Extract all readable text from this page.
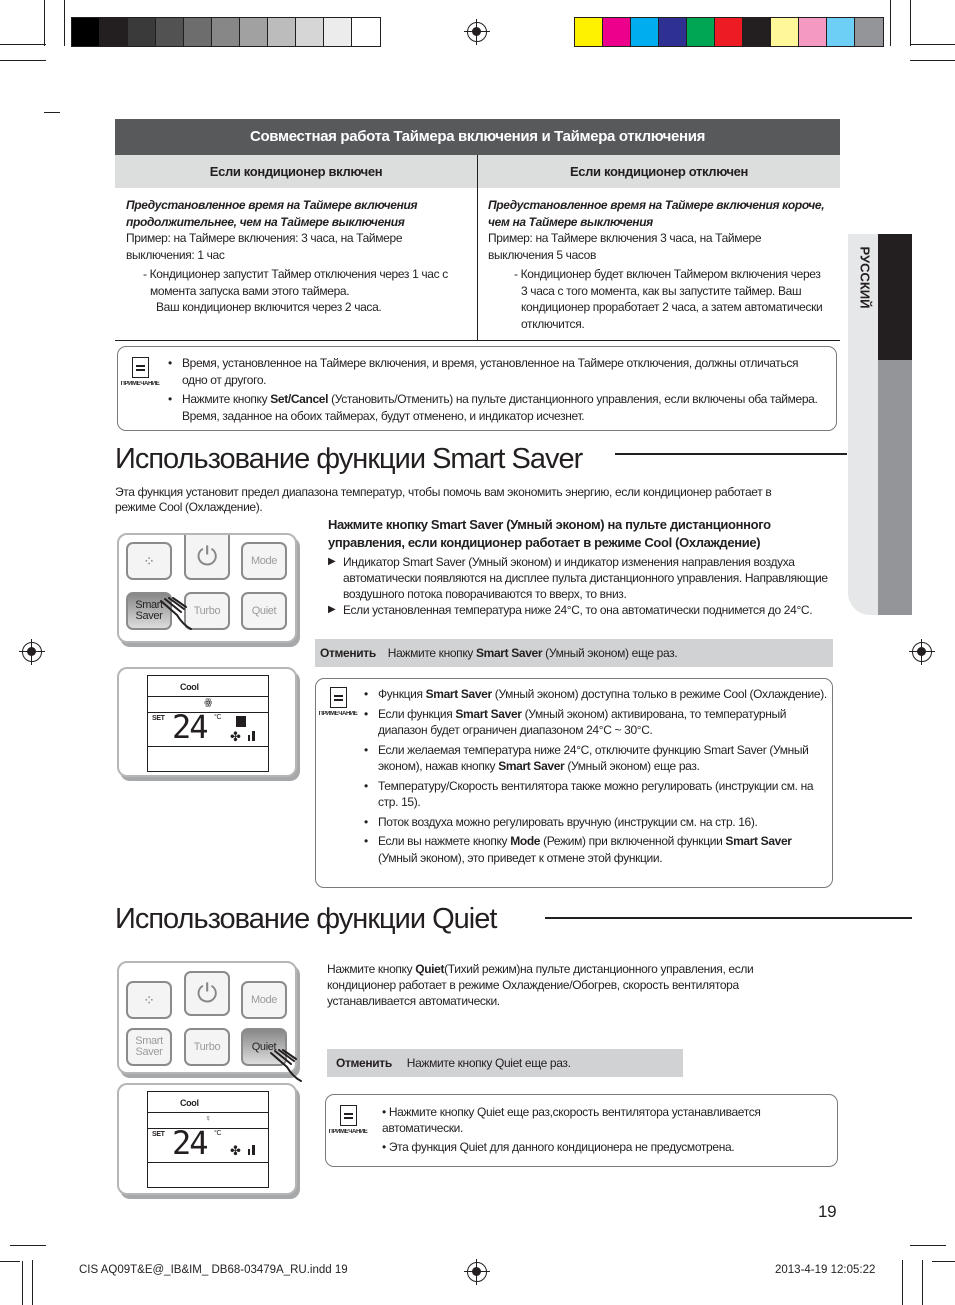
РУССКИЙ
Совместная работа Таймера включения и Таймера отключения
Если кондиционер включен	Если кондиционер отключен
Предустановленное время на Таймере включения продолжительнее, чем на Таймере выключения
Пример: на Таймере включения: 3 часа, на Таймере выключения: 1 час
- Кондиционер запустит Таймер отключения через 1 час с момента запуска вами этого таймера.
Ваш кондиционер включится через 2 часа.
Предустановленное время на Таймере включения короче, чем на Таймере выключения
Пример: на Таймере включения 3 часа, на Таймере выключения 5 часов
- Кондиционер будет включен Таймером включения через 3 часа с того момента, как вы запустите таймер. Ваш кондиционер проработает 2 часа, а затем автоматически отключится.
ПРИМЕЧАНИЕ
• Время, установленное на Таймере включения, и время, установленное на Таймере отключения, должны отличаться одно от другого.
• Нажмите кнопку Set/Cancel (Установить/Отменить) на пульте дистанционного управления, если включены оба таймера. Время, заданное на обоих таймерах, будут отменено, и индикатор исчезнет.
Использование функции Smart Saver
Эта функция установит предел диапазона температур, чтобы помочь вам экономить энергию, если кондиционер работает в режиме Cool (Охлаждение).
Нажмите кнопку Smart Saver (Умный эконом) на пульте дистанционного управления, если кондиционер работает в режиме Cool (Охлаждение)
▶ Индикатор Smart Saver (Умный эконом) и индикатор изменения направления воздуха автоматически появляются на дисплее пульта дистанционного управления. Направляющие воздушного потока поворачиваются то вверх, то вниз.
▶ Если установленная температура ниже 24°C, то она автоматически поднимется до 24°C.
Отменить Нажмите кнопку Smart Saver (Умный эконом) еще раз.
ПРИМЕЧАНИЕ
• Функция Smart Saver (Умный эконом) доступна только в режиме Cool (Охлаждение).
• Если функция Smart Saver (Умный эконом) активирована, то температурный диапазон будет ограничен диапазоном 24°C ~ 30°C.
• Если желаемая температура ниже 24°C, отключите функцию Smart Saver (Умный эконом), нажав кнопку Smart Saver (Умный эконом) еще раз.
• Температуру/Скорость вентилятора также можно регулировать (инструкции см. на стр. 15).
• Поток воздуха можно регулировать вручную (инструкции см. на стр. 16).
• Если вы нажмете кнопку Mode (Режим) при включенной функции Smart Saver (Умный эконом), это приведет к отмене этой функции.
⁘ ⏻	Mode
Smart
Saver	Turbo	Quiet
Cool
ꙮ
SET 24 °C
✤
Использование функции Quiet
Нажмите кнопку Quiet(Тихий режим)на пульте дистанционного управления, если кондиционер работает в режиме Охлаждение/Обогрев, скорость вентилятора устанавливается автоматически.
Отменить Нажмите кнопку Quiet еще раз.
ПРИМЕЧАНИЕ
• Нажмите кнопку Quiet еще раз,скорость вентилятора устанавливается автоматически.
• Эта функция Quiet для данного кондиционера не предусмотрена.
⁘ ⏻	Mode
Smart
Saver	Turbo	Quiet
Cool
♀
SET 24 °C
✤
19
CIS AQ09T&E@_IB&IM_ DB68-03479A_RU.indd 19	2013-4-19 12:05:22
